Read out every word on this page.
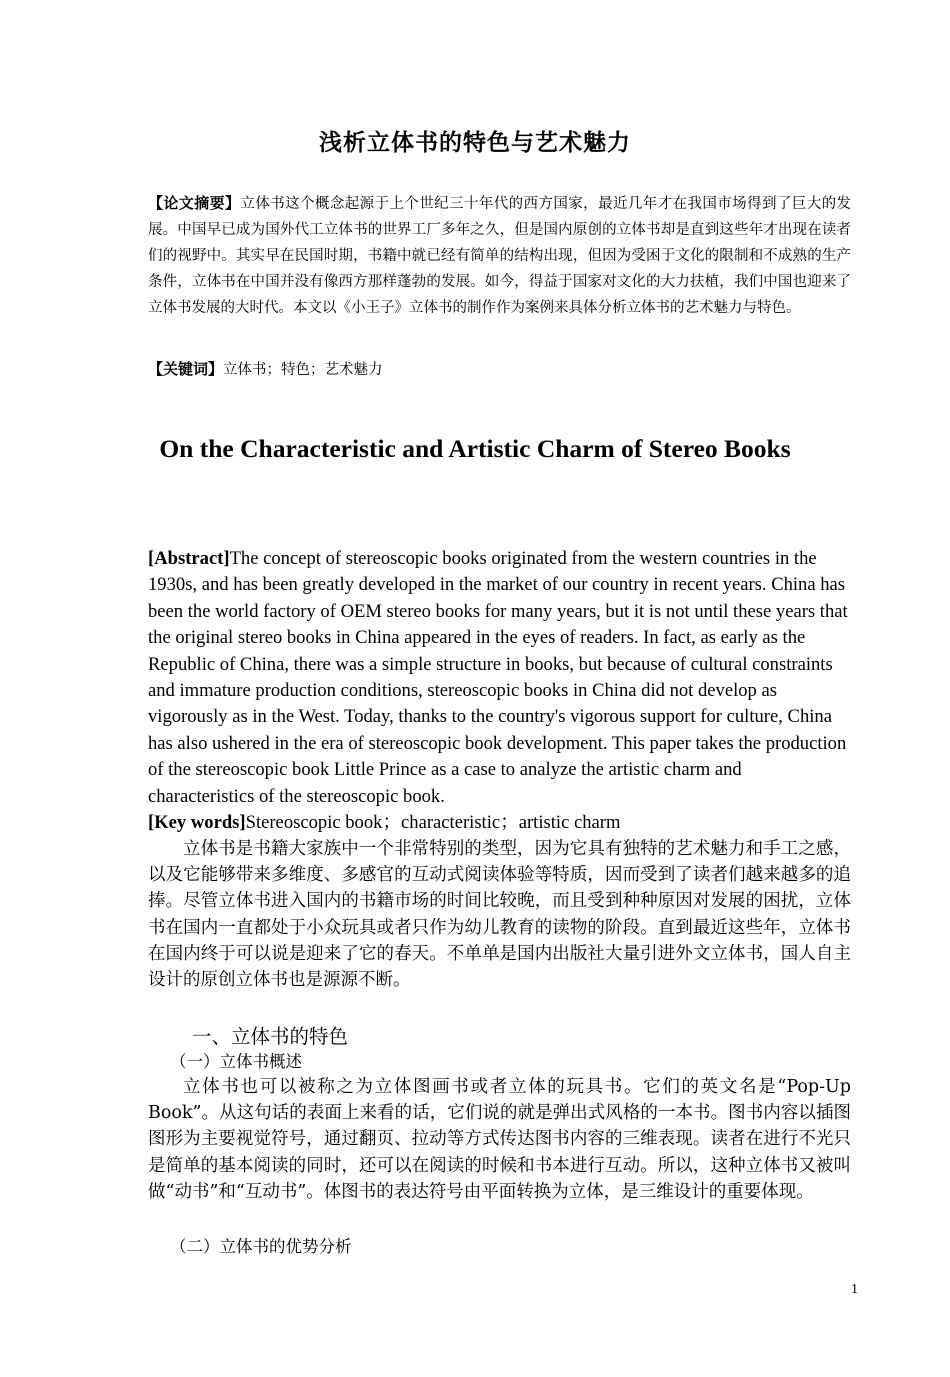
浅析立体书的特色与艺术魅力
【论文摘要】立体书这个概念起源于上个世纪三十年代的西方国家，最近几年才在我国市场得到了巨大的发展。中国早已成为国外代工立体书的世界工厂多年之久，但是国内原创的立体书却是直到这些年才出现在读者们的视野中。其实早在民国时期，书籍中就已经有简单的结构出现，但因为受困于文化的限制和不成熟的生产条件，立体书在中国并没有像西方那样蓬勃的发展。如今，得益于国家对文化的大力扶植，我们中国也迎来了立体书发展的大时代。本文以《小王子》立体书的制作作为案例来具体分析立体书的艺术魅力与特色。
【关键词】立体书；特色；艺术魅力
On the Characteristic and Artistic Charm of Stereo Books
[Abstract]The concept of stereoscopic books originated from the western countries in the 1930s, and has been greatly developed in the market of our country in recent years. China has been the world factory of OEM stereo books for many years, but it is not until these years that the original stereo books in China appeared in the eyes of readers. In fact, as early as the Republic of China, there was a simple structure in books, but because of cultural constraints and immature production conditions, stereoscopic books in China did not develop as vigorously as in the West. Today, thanks to the country's vigorous support for culture, China has also ushered in the era of stereoscopic book development. This paper takes the production of the stereoscopic book Little Prince as a case to analyze the artistic charm and characteristics of the stereoscopic book.
[Key words]Stereoscopic book；characteristic；artistic charm
立体书是书籍大家族中一个非常特别的类型，因为它具有独特的艺术魅力和手工之感，以及它能够带来多维度、多感官的互动式阅读体验等特质，因而受到了读者们越来越多的追捧。尽管立体书进入国内的书籍市场的时间比较晚，而且受到种种原因对发展的困扰，立体书在国内一直都处于小众玩具或者只作为幼儿教育的读物的阶段。直到最近这些年，立体书在国内终于可以说是迎来了它的春天。不单单是国内出版社大量引进外文立体书，国人自主设计的原创立体书也是源源不断。
一、立体书的特色
（一）立体书概述
立体书也可以被称之为立体图画书或者立体的玩具书。它们的英文名是“Pop-Up Book”。从这句话的表面上来看的话，它们说的就是弹出式风格的一本书。图书内容以插图图形为主要视觉符号，通过翻页、拉动等方式传达图书内容的三维表现。读者在进行不光只是简单的基本阅读的同时，还可以在阅读的时候和书本进行互动。所以，这种立体书又被叫做“动书”和“互动书”。体图书的表达符号由平面转换为立体，是三维设计的重要体现。
（二）立体书的优势分析
1
